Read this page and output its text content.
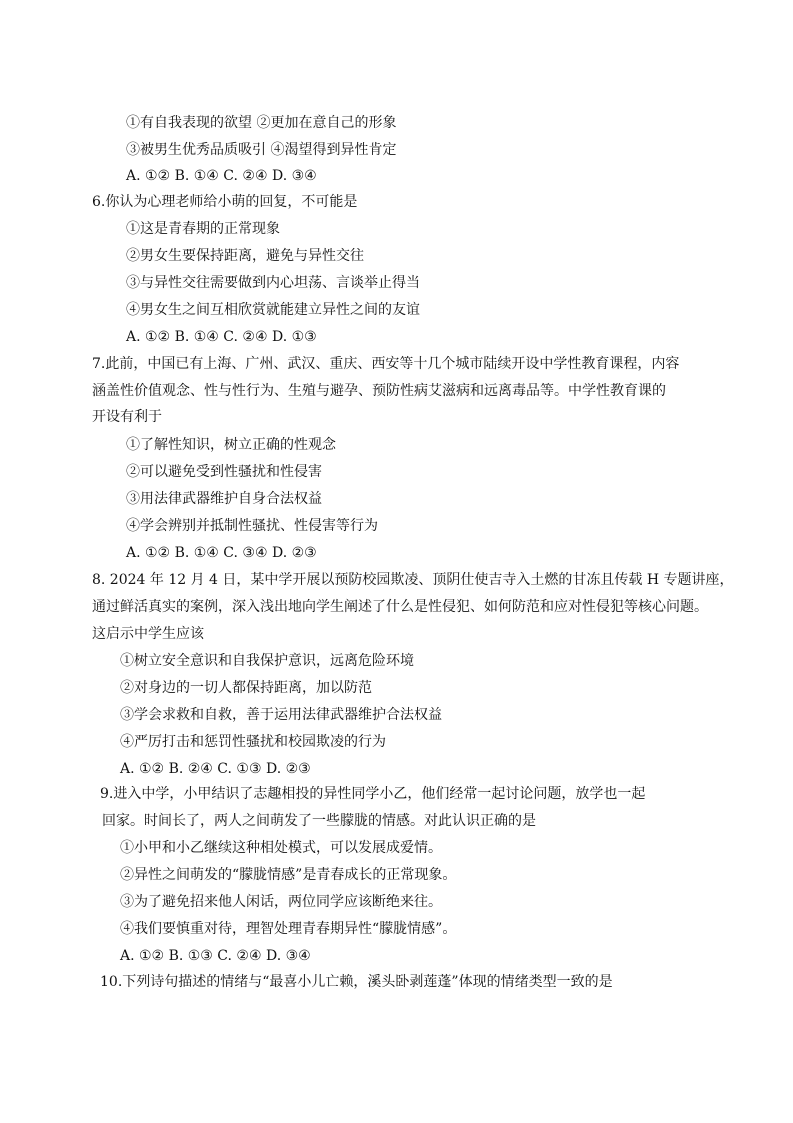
①有自我表现的欲望 ②更加在意自己的形象
③被男生优秀品质吸引 ④渴望得到异性肯定
A. ①② B. ①④ C. ②④ D. ③④
6.你认为心理老师给小萌的回复，不可能是
①这是青春期的正常现象
②男女生要保持距离，避免与异性交往
③与异性交往需要做到内心坦荡、言谈举止得当
④男女生之间互相欣赏就能建立异性之间的友谊
A. ①② B. ①④ C. ②④ D. ①③
7.此前，中国已有上海、广州、武汉、重庆、西安等十几个城市陆续开设中学性教育课程，内容
涵盖性价值观念、性与性行为、生殖与避孕、预防性病艾滋病和远离毒品等。中学性教育课的
开设有利于
①了解性知识，树立正确的性观念
②可以避免受到性骚扰和性侵害
③用法律武器维护自身合法权益
④学会辨别并抵制性骚扰、性侵害等行为
A. ①② B. ①④ C. ③④ D. ②③
8. 2024 年 12 月 4 日，某中学开展以预防校园欺凌、顶阴仕使吉寺入土燃的甘冻且传载 H 专题讲座，
通过鲜活真实的案例，深入浅出地向学生阐述了什么是性侵犯、如何防范和应对性侵犯等核心问题。
这启示中学生应该
①树立安全意识和自我保护意识，远离危险环境
②对身边的一切人都保持距离，加以防范
③学会求救和自救，善于运用法律武器维护合法权益
④严厉打击和惩罚性骚扰和校园欺凌的行为
A. ①② B. ②④ C. ①③ D. ②③
9.进入中学，小甲结识了志趣相投的异性同学小乙，他们经常一起讨论问题，放学也一起
回家。时间长了，两人之间萌发了一些朦胧的情感。对此认识正确的是
①小甲和小乙继续这种相处模式，可以发展成爱情。
②异性之间萌发的“朦胧情感”是青春成长的正常现象。
③为了避免招来他人闲话，两位同学应该断绝来往。
④我们要慎重对待，理智处理青春期异性“朦胧情感”。
A. ①② B. ①③ C. ②④ D. ③④
10.下列诗句描述的情绪与“最喜小儿亡赖，溪头卧剥莲蓬”体现的情绪类型一致的是
